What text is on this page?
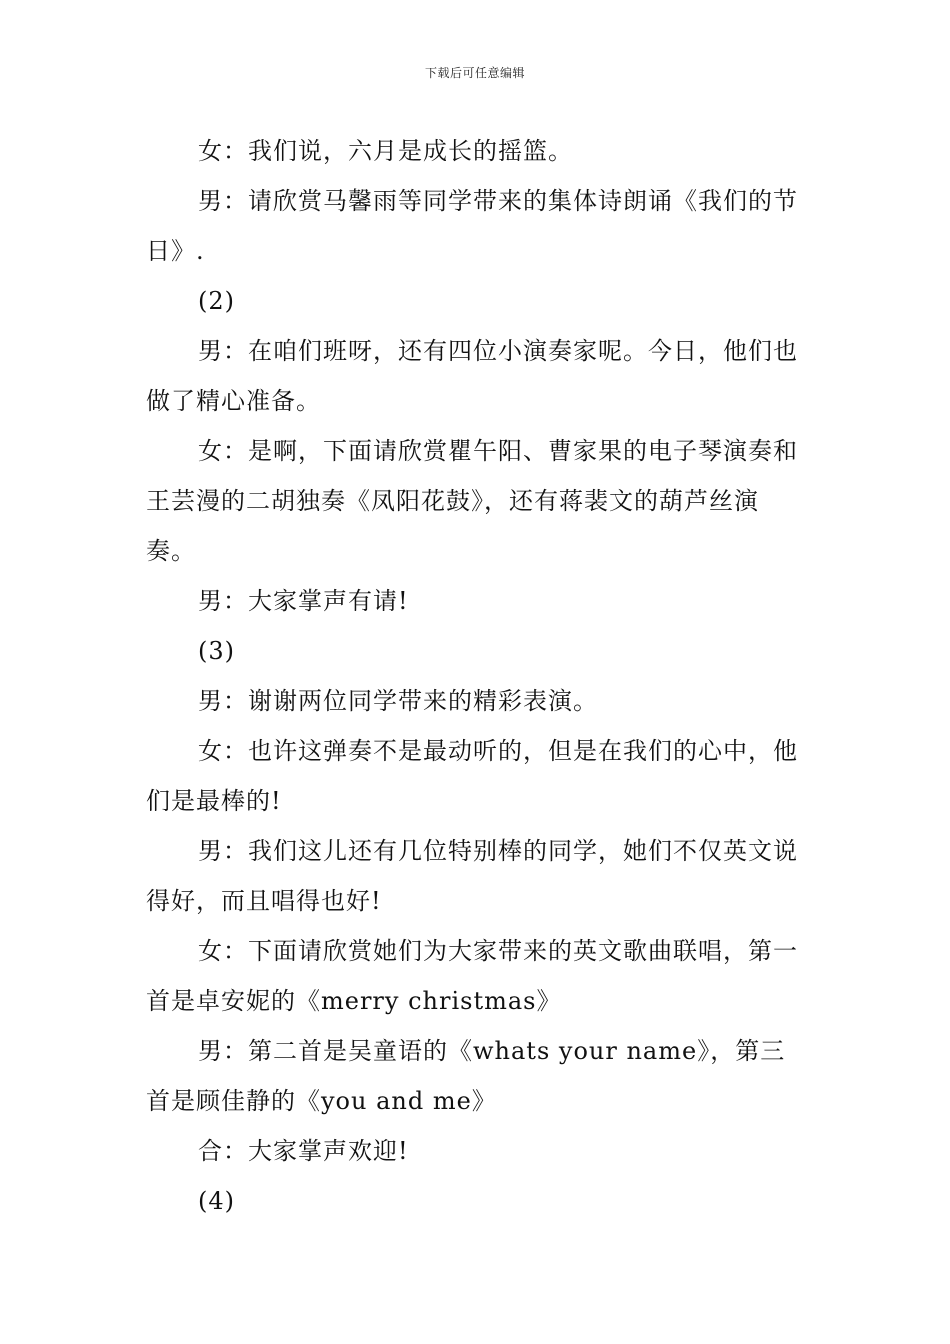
下载后可任意编辑

女：我们说，六月是成长的摇篮。

男：请欣赏马馨雨等同学带来的集体诗朗诵《我们的节日》.

(2)

男：在咱们班呀，还有四位小演奏家呢。今日，他们也做了精心准备。

女：是啊，下面请欣赏瞿午阳、曹家果的电子琴演奏和王芸漫的二胡独奏《凤阳花鼓》，还有蒋裴文的葫芦丝演奏。

男：大家掌声有请!

(3)

男：谢谢两位同学带来的精彩表演。

女：也许这弹奏不是最动听的，但是在我们的心中，他们是最棒的!

男：我们这儿还有几位特别棒的同学，她们不仅英文说得好，而且唱得也好!

女：下面请欣赏她们为大家带来的英文歌曲联唱，第一首是卓安妮的《merry christmas》

男：第二首是吴童语的《whats your name》，第三首是顾佳静的《you and me》

合：大家掌声欢迎!

(4)
